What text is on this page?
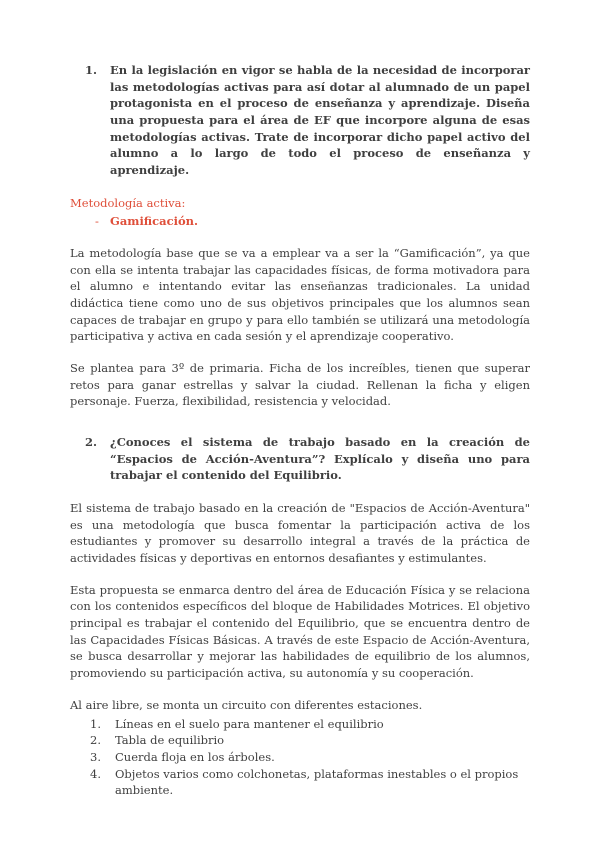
1.	En la legislación en vigor se habla de la necesidad de incorporar las metodologías activas para así dotar al alumnado de un papel protagonista en el proceso de enseñanza y aprendizaje. Diseña una propuesta para el área de EF que incorpore alguna de esas metodologías activas. Trate de incorporar dicho papel activo del alumno a lo largo de todo el proceso de enseñanza y aprendizaje.

Metodología activa:

- Gamificación.

La metodología base que se va a emplear va a ser la “Gamificación”, ya que con ella se intenta trabajar las capacidades físicas, de forma motivadora para el alumno e intentando evitar las enseñanzas tradicionales. La unidad didáctica tiene como uno de sus objetivos principales que los alumnos sean capaces de trabajar en grupo y para ello también se utilizará una metodología participativa y activa en cada sesión y el aprendizaje cooperativo.

Se plantea para 3º de primaria. Ficha de los increíbles, tienen que superar retos para ganar estrellas y salvar la ciudad. Rellenan la ficha y eligen personaje. Fuerza, flexibilidad, resistencia y velocidad.

2.	¿Conoces el sistema de trabajo basado en la creación de “Espacios de Acción-Aventura”? Explícalo y diseña uno para trabajar el contenido del Equilibrio.

El sistema de trabajo basado en la creación de "Espacios de Acción-Aventura" es una metodología que busca fomentar la participación activa de los estudiantes y promover su desarrollo integral a través de la práctica de actividades físicas y deportivas en entornos desafiantes y estimulantes.

Esta propuesta se enmarca dentro del área de Educación Física y se relaciona con los contenidos específicos del bloque de Habilidades Motrices. El objetivo principal es trabajar el contenido del Equilibrio, que se encuentra dentro de las Capacidades Físicas Básicas. A través de este Espacio de Acción-Aventura, se busca desarrollar y mejorar las habilidades de equilibrio de los alumnos, promoviendo su participación activa, su autonomía y su cooperación.

Al aire libre, se monta un circuito con diferentes estaciones.

1.	Líneas en el suelo para mantener el equilibrio
2.	Tabla de equilibrio
3.	Cuerda floja en los árboles.
4.	Objetos varios como colchonetas, plataformas inestables o el propios ambiente.
